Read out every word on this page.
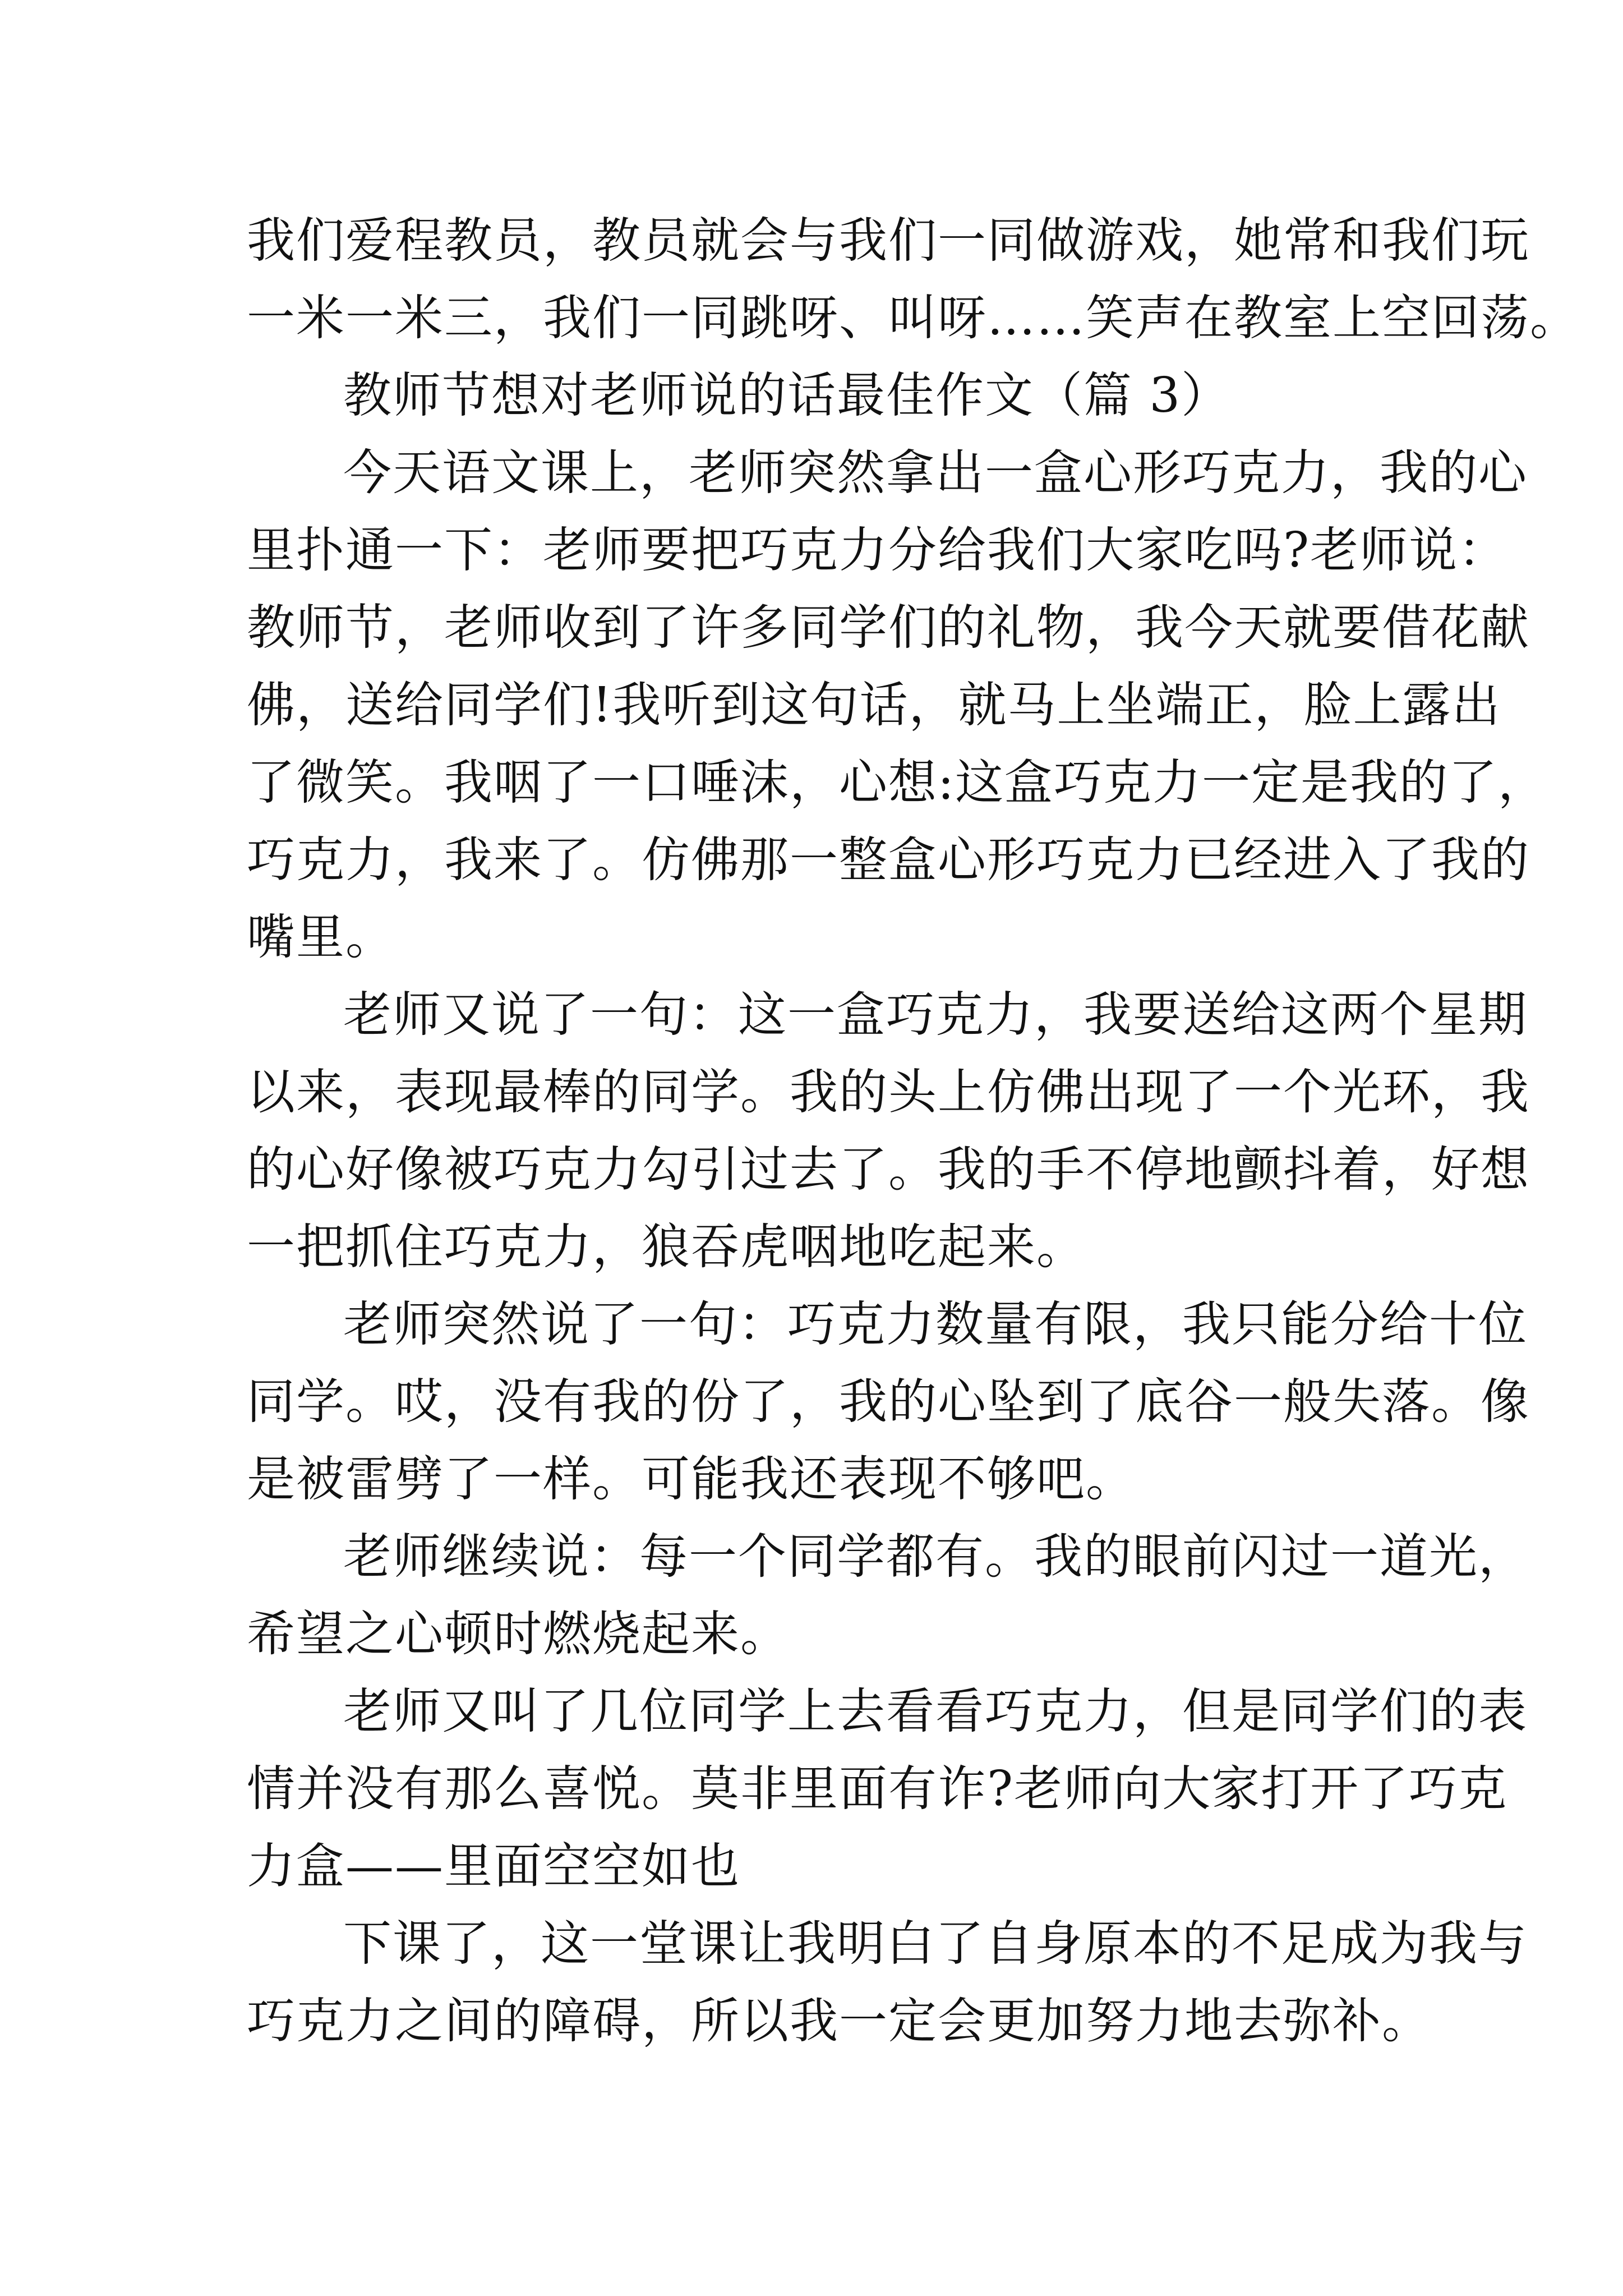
我们爱程教员，教员就会与我们一同做游戏，她常和我们玩
一米一米三，我们一同跳呀、叫呀……笑声在教室上空回荡。
教师节想对老师说的话最佳作文（篇 3）
今天语文课上，老师突然拿出一盒心形巧克力，我的心
里扑通一下：老师要把巧克力分给我们大家吃吗?老师说：
教师节，老师收到了许多同学们的礼物，我今天就要借花献
佛，送给同学们!我听到这句话，就马上坐端正，脸上露出
了微笑。我咽了一口唾沫，心想:这盒巧克力一定是我的了，
巧克力，我来了。仿佛那一整盒心形巧克力已经进入了我的
嘴里。
老师又说了一句：这一盒巧克力，我要送给这两个星期
以来，表现最棒的同学。我的头上仿佛出现了一个光环，我
的心好像被巧克力勾引过去了。我的手不停地颤抖着，好想
一把抓住巧克力，狼吞虎咽地吃起来。
老师突然说了一句：巧克力数量有限，我只能分给十位
同学。哎，没有我的份了，我的心坠到了底谷一般失落。像
是被雷劈了一样。可能我还表现不够吧。
老师继续说：每一个同学都有。我的眼前闪过一道光，
希望之心顿时燃烧起来。
老师又叫了几位同学上去看看巧克力，但是同学们的表
情并没有那么喜悦。莫非里面有诈?老师向大家打开了巧克
力盒——里面空空如也
下课了，这一堂课让我明白了自身原本的不足成为我与
巧克力之间的障碍，所以我一定会更加努力地去弥补。
